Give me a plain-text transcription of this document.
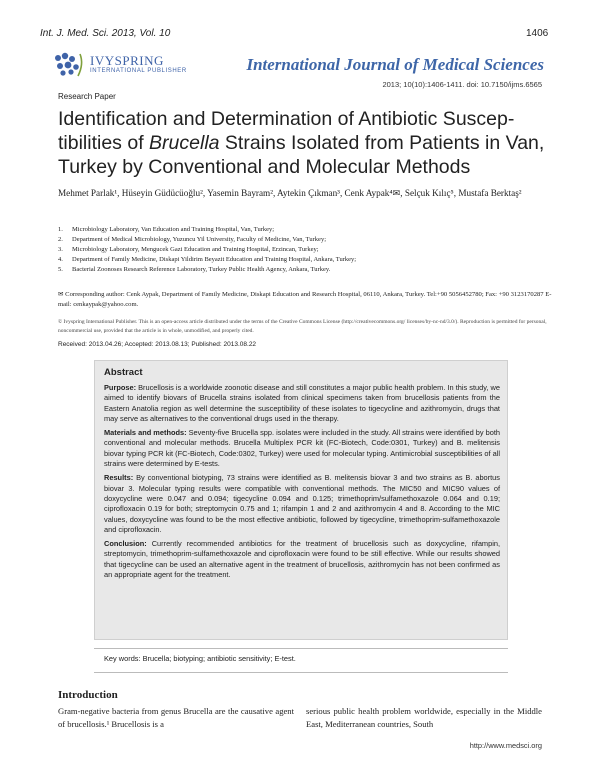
Int. J. Med. Sci. 2013, Vol. 10	1406
IVYSPRING
INTERNATIONAL PUBLISHER	International Journal of Medical Sciences
2013; 10(10):1406-1411. doi: 10.7150/ijms.6565
Research Paper
Identification and Determination of Antibiotic Suscep-
tibilities of Brucella Strains Isolated from Patients in Van,
Turkey by Conventional and Molecular Methods
Mehmet Parlak¹, Hüseyin Güdücüoğlu², Yasemin Bayram², Aytekin Çıkman³, Cenk Aypak⁴✉, Selçuk Kılıç⁵, Mustafa Berktaş²
1.	Microbiology Laboratory, Van Education and Training Hospital, Van, Turkey;
2.	Department of Medical Microbiology, Yuzuncu Yil University, Faculty of Medicine, Van, Turkey;
3.	Microbiology Laboratory, Mengucek Gazi Education and Training Hospital, Erzincan, Turkey;
4.	Department of Family Medicine, Diskapi Yildirim Beyazit Education and Training Hospital, Ankara, Turkey;
5.	Bacterial Zoonoses Research Reference Laboratory, Turkey Public Health Agency, Ankara, Turkey.
✉ Corresponding author: Cenk Aypak, Department of Family Medicine, Diskapi Education and Research Hospital, 06110, Ankara, Turkey. Tel:+90 5056452780; Fax: +90 3123170287 E-mail: cenkaypak@yahoo.com.
© Ivyspring International Publisher. This is an open-access article distributed under the terms of the Creative Commons License (http://creativecommons.org/ licenses/by-nc-nd/3.0/). Reproduction is permitted for personal, noncommercial use, provided that the article is in whole, unmodified, and properly cited.
Received: 2013.04.26; Accepted: 2013.08.13; Published: 2013.08.22
Abstract

Purpose: Brucellosis is a worldwide zoonotic disease and still constitutes a major public health problem. In this study, we aimed to identify biovars of Brucella strains isolated from clinical specimens taken from brucellosis patients from the Eastern Anatolia region as well determine the susceptibility of these isolates to tigecycline and azithromycin, drugs that may serve as alternatives to the conventional drugs used in the therapy.

Materials and methods: Seventy-five Brucella spp. isolates were included in the study. All strains were identified by both conventional and molecular methods. Brucella Multiplex PCR kit (FC-Biotech, Code:0301, Turkey) and B. melitensis biovar typing PCR kit (FC-Biotech, Code:0302, Turkey) were used for molecular typing. Antimicrobial susceptibilities of all strains were determined by E-tests.

Results: By conventional biotyping, 73 strains were identified as B. melitensis biovar 3 and two strains as B. abortus biovar 3. Molecular typing results were compatible with conventional methods. The MIC50 and MIC90 values of doxycycline were 0.047 and 0.094; tigecycline 0.094 and 0.125; trimethoprim/sulfamethoxazole 0.064 and 0.19; ciprofloxacin 0.19 for both; streptomycin 0.75 and 1; rifampin 1 and 2 and azithromycin 4 and 8. According to the MIC values, doxycycline was found to be the most effective antibiotic, followed by tigecycline, trimethoprim-sulfamethoxazole and ciprofloxacin.

Conclusion: Currently recommended antibiotics for the treatment of brucellosis such as doxycycline, rifampin, streptomycin, trimethoprim-sulfamethoxazole and ciprofloxacin were found to be still effective. While our results showed that tigecycline can be used an alternative agent in the treatment of brucellosis, azithromycin has not been confirmed as an appropriate agent for the treatment.

Key words: Brucella; biotyping; antibiotic sensitivity; E-test.
Introduction
Gram-negative bacteria from genus Brucella are the causative agent of brucellosis.¹ Brucellosis is a
serious public health problem worldwide, especially in the Middle East, Mediterranean countries, South
http://www.medsci.org
